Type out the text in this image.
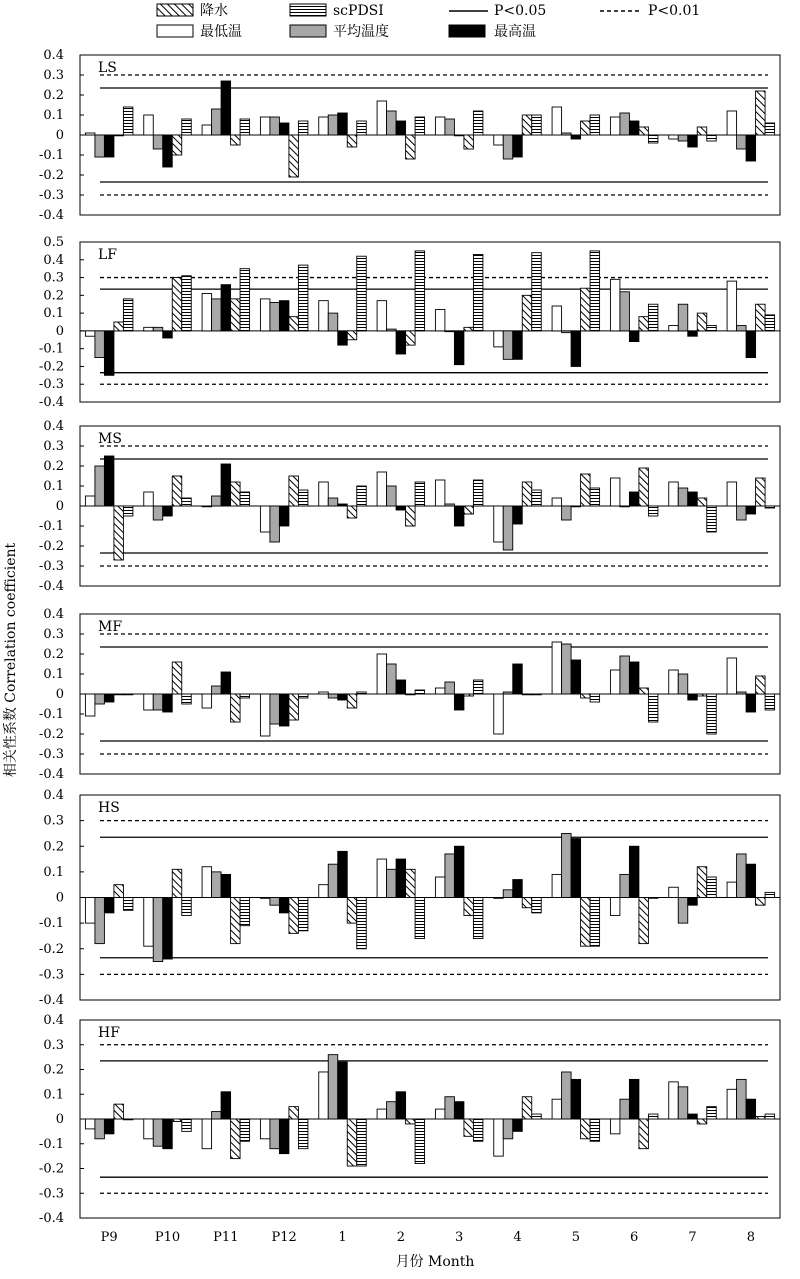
降水	scPDSI	P<0.05	P<0.01
最低温	平均温度	最高温
相关性系数 Correlation coefficient
0.4
0.3
0.2
0.1
0
-0.1
-0.2
-0.3
-0.4
LS
0.5
0.4
0.3
0.2
0.1
0
-0.1
-0.2
-0.3
-0.4
LF
0.4
0.3
0.2
0.1
0
-0.1
-0.2
-0.3
-0.4
MS
0.4
0.3
0.2
0.1
0
-0.1
-0.2
-0.3
-0.4
MF
0.4
0.3
0.2
0.1
0
-0.1
-0.2
-0.3
-0.4
HS
0.4
0.3
0.2
0.1
0
-0.1
-0.2
-0.3
-0.4
HF
P9	P10	P11	P12	1	2	3	4	5	6	7	8
月份 Month
